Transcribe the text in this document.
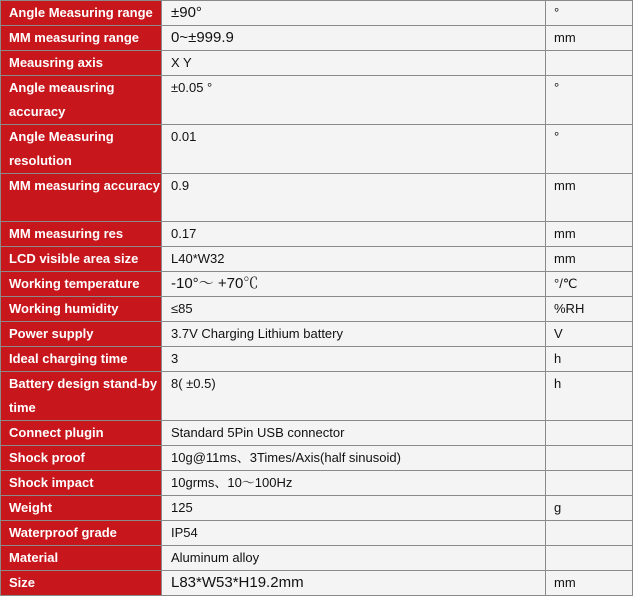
Angle Measuring range	±90°	°
MM measuring range	0~±999.9	mm
Meausring axis	X Y	
Angle meausring accuracy	±0.05 °	°
Angle Measuring resolution	0.01	°
MM measuring accuracy	0.9	mm
MM measuring res	0.17	mm
LCD visible area size	L40*W32	mm
Working temperature	-10°～ +70℃	°/℃
Working humidity	≤85	%RH
Power supply	3.7V Charging Lithium battery	V
Ideal charging time	3	h
Battery design stand-by time	8( ±0.5)	h
Connect plugin	Standard 5Pin USB connector	
Shock proof	10g@11ms、3Times/Axis(half sinusoid)	
Shock impact	10grms、10～100Hz	
Weight	125	g
Waterproof grade	IP54	
Material	Aluminum alloy	
Size	L83*W53*H19.2mm	mm
